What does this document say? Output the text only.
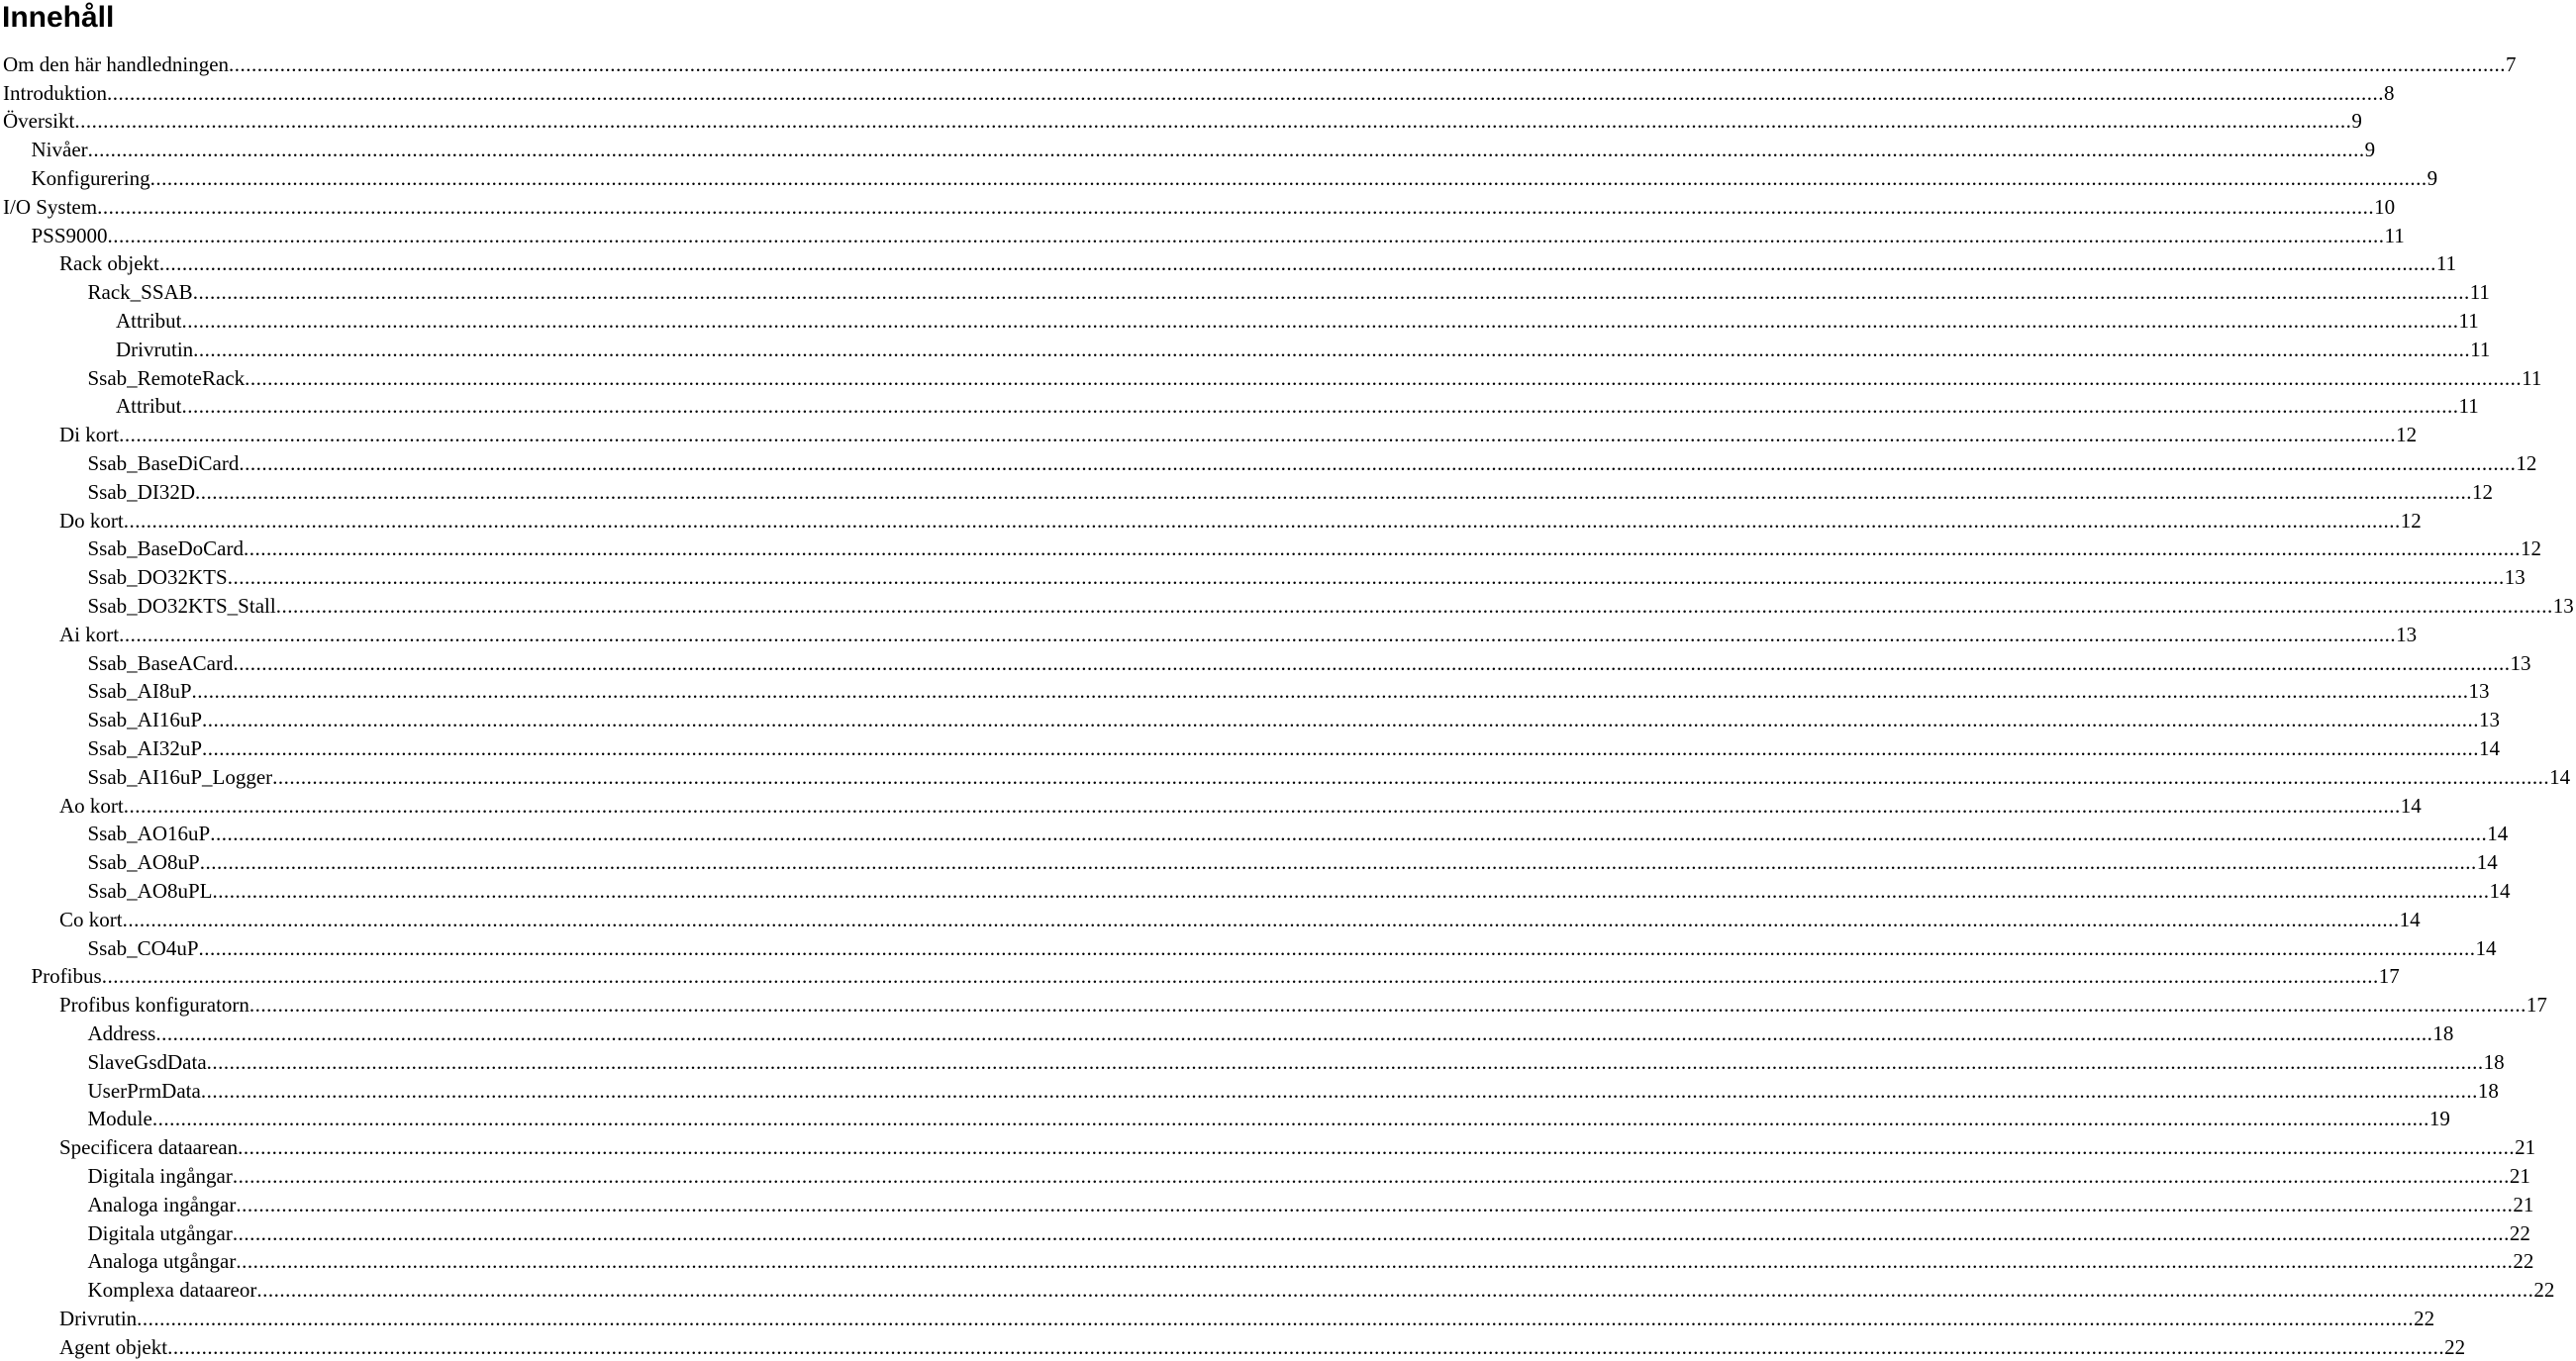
Innehåll
Om den här handledningen ................................................................................................................................................................................................................................................................................................................................................................................................................ 7
Introduktion ................................................................................................................................................................................................................................................................................................................................................................................................................ 8
Översikt ................................................................................................................................................................................................................................................................................................................................................................................................................ 9
Nivåer ................................................................................................................................................................................................................................................................................................................................................................................................................ 9
Konfigurering ................................................................................................................................................................................................................................................................................................................................................................................................................ 9
I/O System ................................................................................................................................................................................................................................................................................................................................................................................................................ 10
PSS9000 ................................................................................................................................................................................................................................................................................................................................................................................................................ 11
Rack objekt ................................................................................................................................................................................................................................................................................................................................................................................................................ 11
Rack_SSAB ................................................................................................................................................................................................................................................................................................................................................................................................................ 11
Attribut ................................................................................................................................................................................................................................................................................................................................................................................................................ 11
Drivrutin ................................................................................................................................................................................................................................................................................................................................................................................................................ 11
Ssab_RemoteRack ................................................................................................................................................................................................................................................................................................................................................................................................................ 11
Attribut ................................................................................................................................................................................................................................................................................................................................................................................................................ 11
Di kort ................................................................................................................................................................................................................................................................................................................................................................................................................ 12
Ssab_BaseDiCard ................................................................................................................................................................................................................................................................................................................................................................................................................ 12
Ssab_DI32D ................................................................................................................................................................................................................................................................................................................................................................................................................ 12
Do kort ................................................................................................................................................................................................................................................................................................................................................................................................................ 12
Ssab_BaseDoCard ................................................................................................................................................................................................................................................................................................................................................................................................................ 12
Ssab_DO32KTS ................................................................................................................................................................................................................................................................................................................................................................................................................ 13
Ssab_DO32KTS_Stall ................................................................................................................................................................................................................................................................................................................................................................................................................ 13
Ai kort ................................................................................................................................................................................................................................................................................................................................................................................................................ 13
Ssab_BaseACard ................................................................................................................................................................................................................................................................................................................................................................................................................ 13
Ssab_AI8uP ................................................................................................................................................................................................................................................................................................................................................................................................................ 13
Ssab_AI16uP ................................................................................................................................................................................................................................................................................................................................................................................................................ 13
Ssab_AI32uP ................................................................................................................................................................................................................................................................................................................................................................................................................ 14
Ssab_AI16uP_Logger ................................................................................................................................................................................................................................................................................................................................................................................................................ 14
Ao kort ................................................................................................................................................................................................................................................................................................................................................................................................................ 14
Ssab_AO16uP ................................................................................................................................................................................................................................................................................................................................................................................................................ 14
Ssab_AO8uP ................................................................................................................................................................................................................................................................................................................................................................................................................ 14
Ssab_AO8uPL ................................................................................................................................................................................................................................................................................................................................................................................................................ 14
Co kort ................................................................................................................................................................................................................................................................................................................................................................................................................ 14
Ssab_CO4uP ................................................................................................................................................................................................................................................................................................................................................................................................................ 14
Profibus ................................................................................................................................................................................................................................................................................................................................................................................................................ 17
Profibus konfiguratorn ................................................................................................................................................................................................................................................................................................................................................................................................................ 17
Address ................................................................................................................................................................................................................................................................................................................................................................................................................ 18
SlaveGsdData ................................................................................................................................................................................................................................................................................................................................................................................................................ 18
UserPrmData ................................................................................................................................................................................................................................................................................................................................................................................................................ 18
Module ................................................................................................................................................................................................................................................................................................................................................................................................................ 19
Specificera dataarean ................................................................................................................................................................................................................................................................................................................................................................................................................ 21
Digitala ingångar ................................................................................................................................................................................................................................................................................................................................................................................................................ 21
Analoga ingångar ................................................................................................................................................................................................................................................................................................................................................................................................................ 21
Digitala utgångar ................................................................................................................................................................................................................................................................................................................................................................................................................ 22
Analoga utgångar ................................................................................................................................................................................................................................................................................................................................................................................................................ 22
Komplexa dataareor ................................................................................................................................................................................................................................................................................................................................................................................................................ 22
Drivrutin ................................................................................................................................................................................................................................................................................................................................................................................................................ 22
Agent objekt ................................................................................................................................................................................................................................................................................................................................................................................................................ 22
